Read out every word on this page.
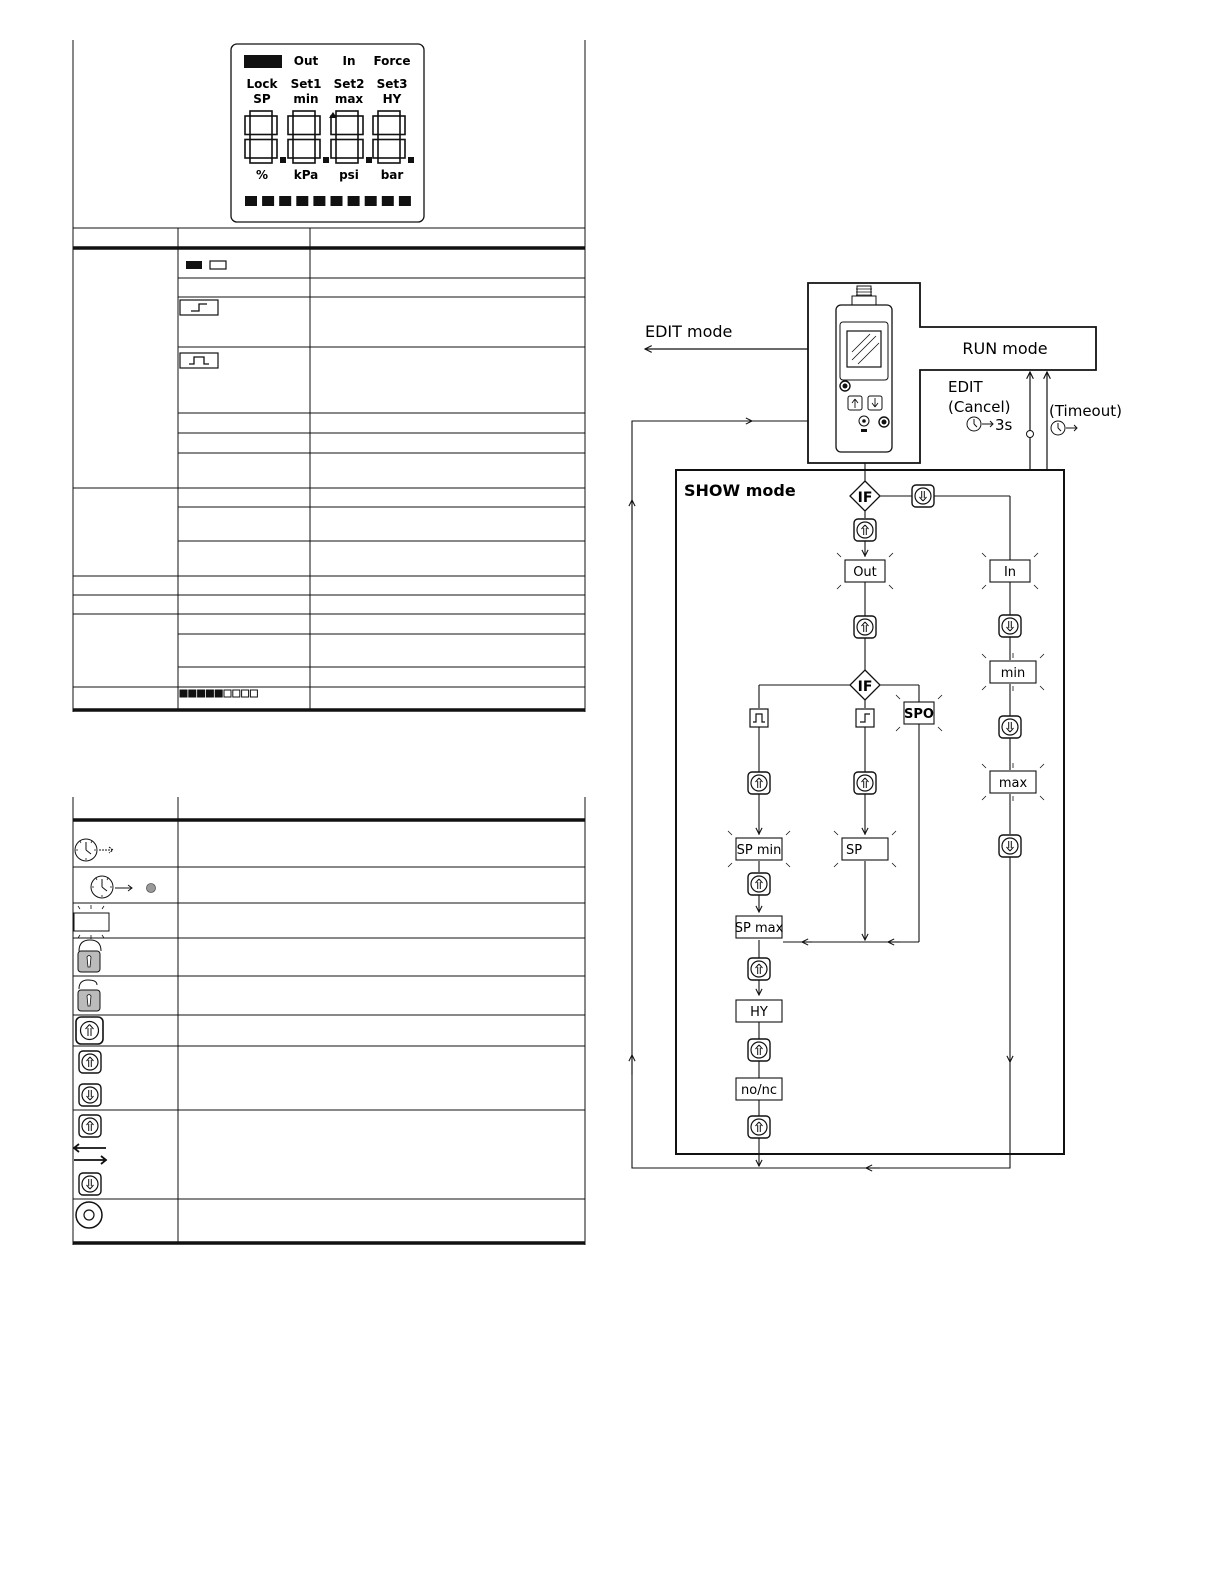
Out In Force
Lock Set1 Set2 Set3
SP min max HY
% kPa psi bar
RUN mode
EDIT mode
EDIT
(Cancel)
3s
(Timeout)
SHOW mode	IF
IF
Out	In
min
max
SP min	SP
SP max
HY
no/nc
SPO
